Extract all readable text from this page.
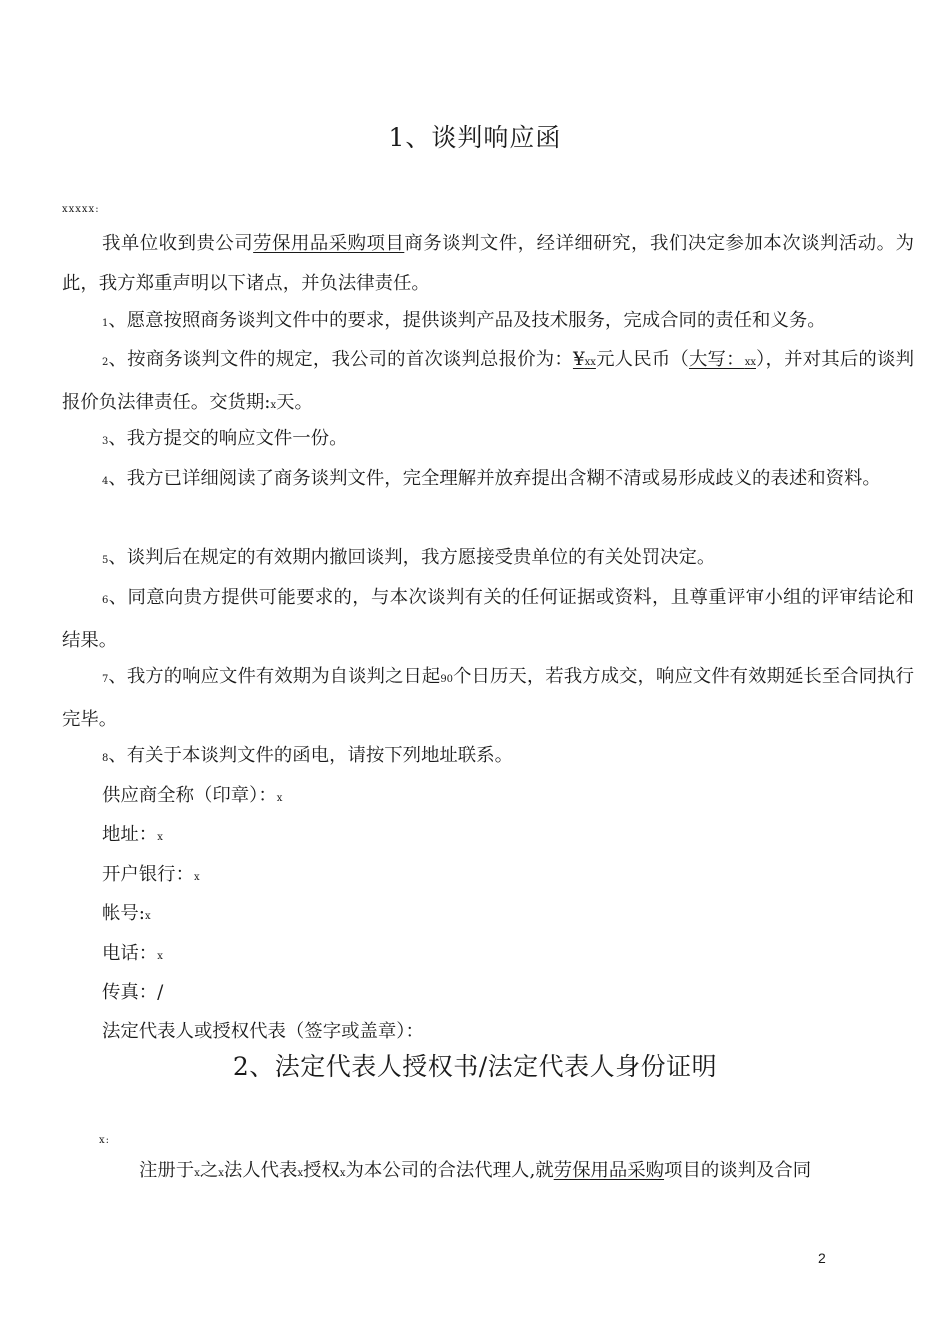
1、谈判响应函
xxxxx:

我单位收到贵公司劳保用品采购项目商务谈判文件，经详细研究，我们决定参加本次谈判活动。为此，我方郑重声明以下诸点，并负法律责任。

1、愿意按照商务谈判文件中的要求，提供谈判产品及技术服务，完成合同的责任和义务。

2、按商务谈判文件的规定，我公司的首次谈判总报价为：¥xx元人民币（大写：xx），并对其后的谈判报价负法律责任。交货期:x天。

3、我方提交的响应文件一份。

4、我方已详细阅读了商务谈判文件，完全理解并放弃提出含糊不清或易形成歧义的表述和资料。

5、谈判后在规定的有效期内撤回谈判，我方愿接受贵单位的有关处罚决定。

6、同意向贵方提供可能要求的，与本次谈判有关的任何证据或资料，且尊重评审小组的评审结论和结果。

7、我方的响应文件有效期为自谈判之日起90个日历天，若我方成交，响应文件有效期延长至合同执行完毕。

8、有关于本谈判文件的函电，请按下列地址联系。

供应商全称（印章）：x

地址：x

开户银行：x

帐号:x

电话：x

传真：/

法定代表人或授权代表（签字或盖章）：

2、法定代表人授权书/法定代表人身份证明
x:

注册于x之x法人代表x授权x为本公司的合法代理人,就劳保用品采购项目的谈判及合同

2
